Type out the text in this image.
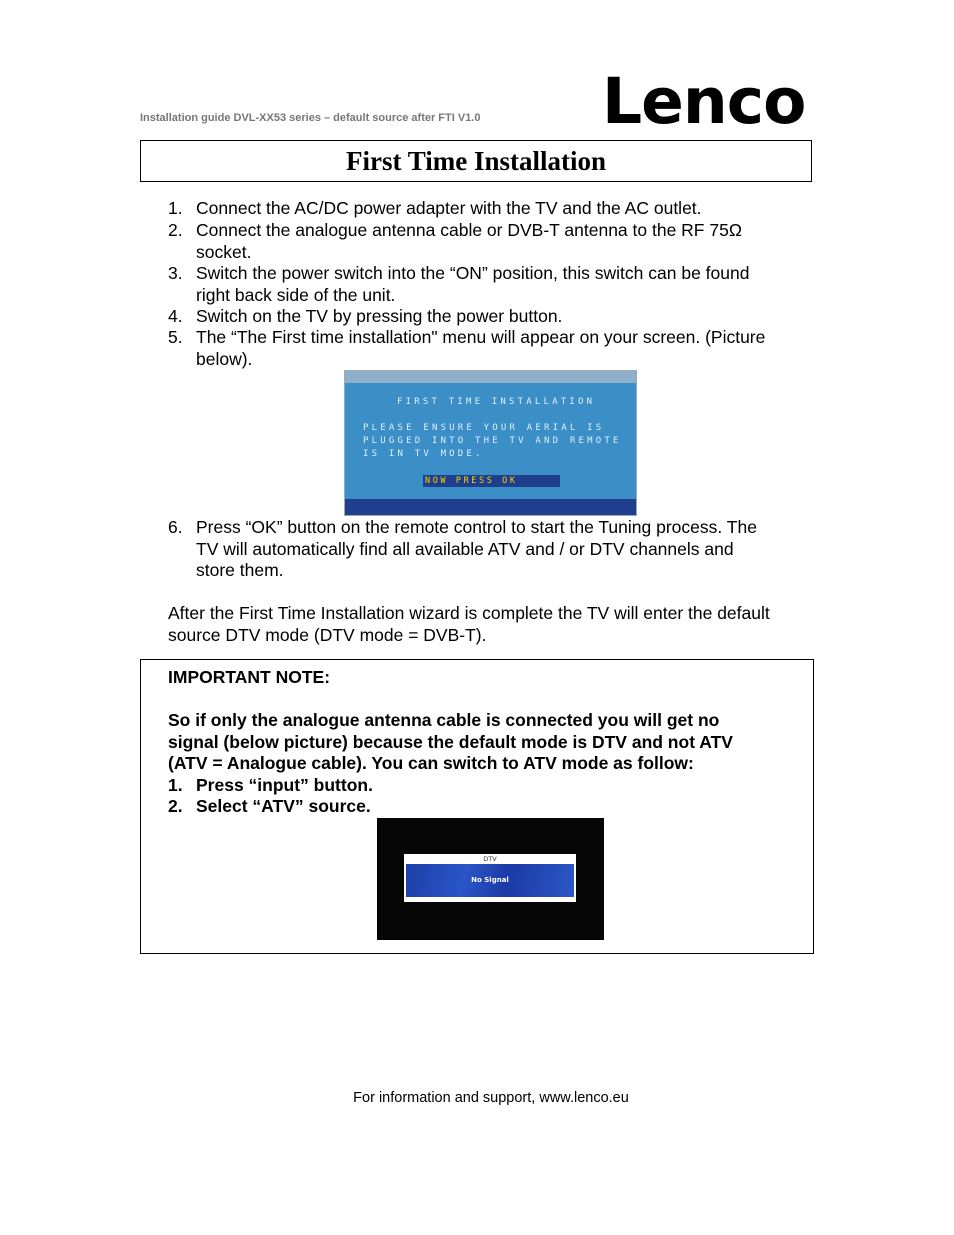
Installation guide DVL-XX53 series – default source after FTI V1.0 Lenco
First Time Installation
1. Connect the AC/DC power adapter with the TV and the AC outlet.
2. Connect the analogue antenna cable or DVB-T antenna to the RF 75Ω
socket.
3. Switch the power switch into the “ON” position, this switch can be found
right back side of the unit.
4. Switch on the TV by pressing the power button.
5. The “The First time installation" menu will appear on your screen. (Picture
below).
FIRST TIME INSTALLATION
PLEASE ENSURE YOUR AERIAL IS
PLUGGED INTO THE TV AND REMOTE
IS IN TV MODE.
NOW PRESS OK
6. Press “OK” button on the remote control to start the Tuning process. The
TV will automatically find all available ATV and / or DTV channels and
store them.
After the First Time Installation wizard is complete the TV will enter the default
source DTV mode (DTV mode = DVB-T).
IMPORTANT NOTE:
So if only the analogue antenna cable is connected you will get no
signal (below picture) because the default mode is DTV and not ATV
(ATV = Analogue cable). You can switch to ATV mode as follow:
1. Press “input” button.
2. Select “ATV” source.
DTV
No Signal
For information and support, www.lenco.eu
